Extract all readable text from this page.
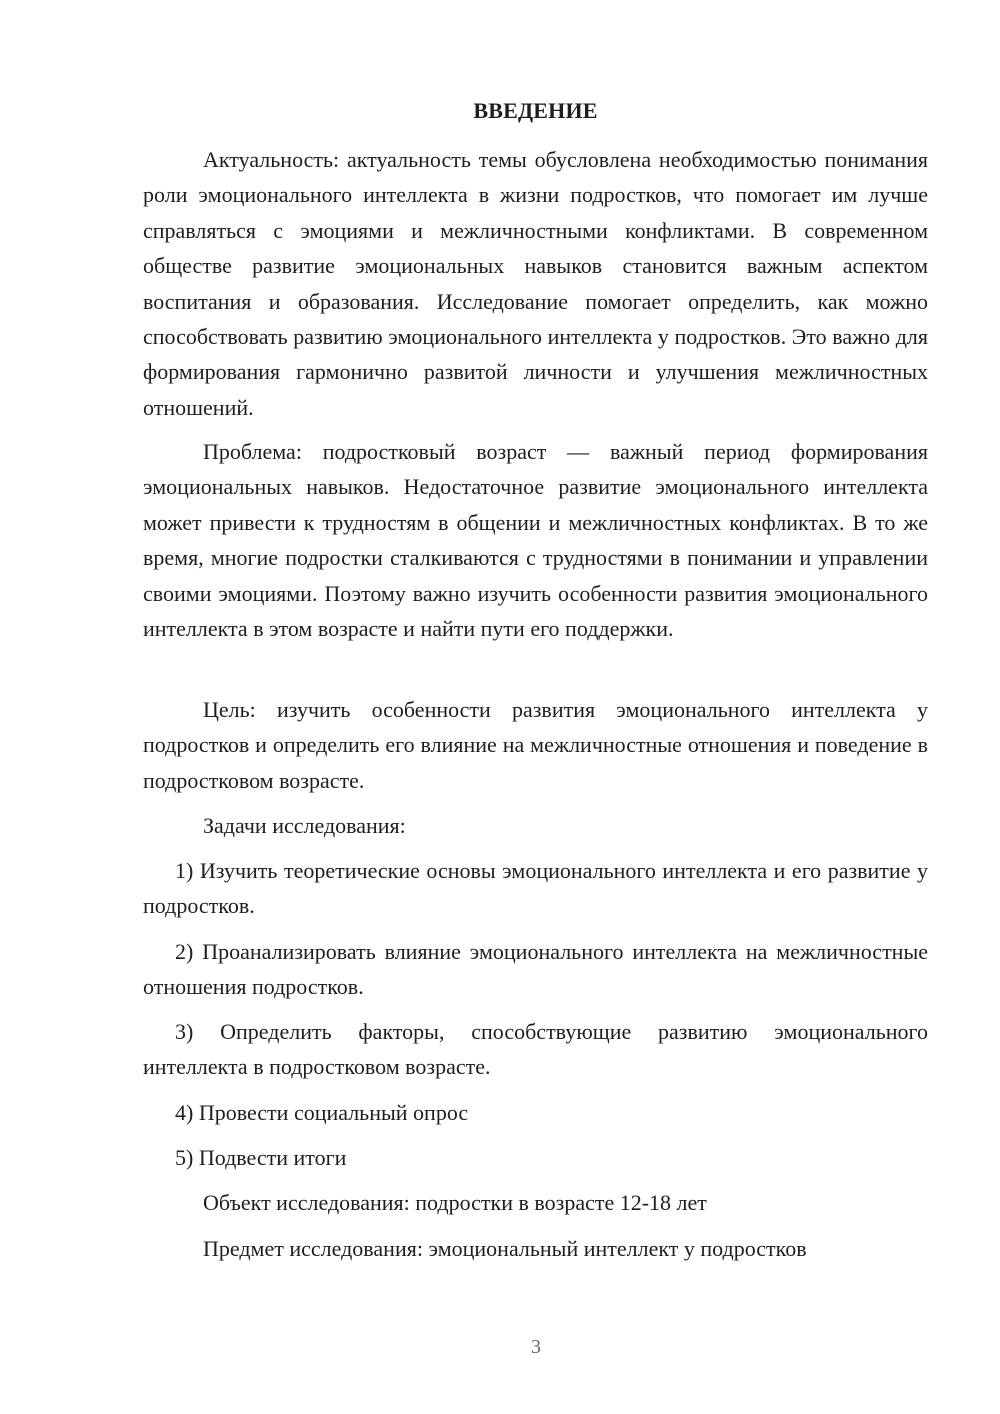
ВВЕДЕНИЕ

Актуальность: актуальность темы обусловлена необходимостью понимания роли эмоционального интеллекта в жизни подростков, что помогает им лучше справляться с эмоциями и межличностными конфликтами. В современном обществе развитие эмоциональных навыков становится важным аспектом воспитания и образования. Исследование помогает определить, как можно способствовать развитию эмоционального интеллекта у подростков. Это важно для формирования гармонично развитой личности и улучшения межличностных отношений.

Проблема: подростковый возраст — важный период формирования эмоциональных навыков. Недостаточное развитие эмоционального интеллекта может привести к трудностям в общении и межличностных конфликтах. В то же время, многие подростки сталкиваются с трудностями в понимании и управлении своими эмоциями. Поэтому важно изучить особенности развития эмоционального интеллекта в этом возрасте и найти пути его поддержки.

Цель: изучить особенности развития эмоционального интеллекта у подростков и определить его влияние на межличностные отношения и поведение в подростковом возрасте.

Задачи исследования:

1) Изучить теоретические основы эмоционального интеллекта и его развитие у подростков.

2) Проанализировать влияние эмоционального интеллекта на межличностные отношения подростков.

3) Определить факторы, способствующие развитию эмоционального интеллекта в подростковом возрасте.

4) Провести социальный опрос

5) Подвести итоги

Объект исследования: подростки в возрасте 12-18 лет

Предмет исследования: эмоциональный интеллект у подростков

3
